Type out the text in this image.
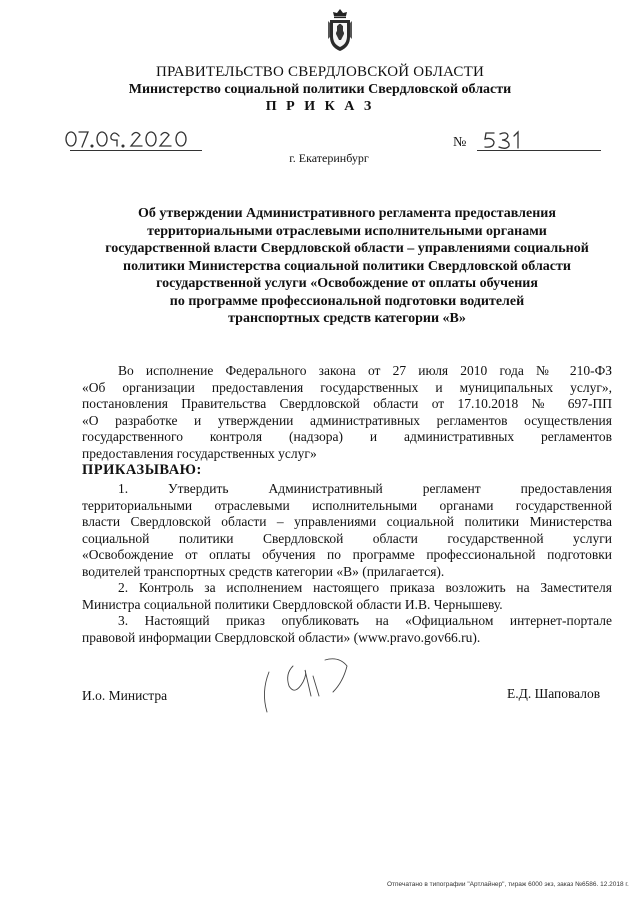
ПРАВИТЕЛЬСТВО СВЕРДЛОВСКОЙ ОБЛАСТИ
Министерство социальной политики Свердловской области
П Р И К А З
№
г. Екатеринбург
Об утверждении Административного регламента предоставления
территориальными отраслевыми исполнительными органами
государственной власти Свердловской области – управлениями социальной
политики Министерства социальной политики Свердловской области
государственной услуги «Освобождение от оплаты обучения
по программе профессиональной подготовки водителей
транспортных средств категории «В»
Во исполнение Федерального закона от 27 июля 2010 года № 210-ФЗ
«Об организации предоставления государственных и муниципальных услуг»,
постановления Правительства Свердловской области от 17.10.2018 № 697-ПП
«О разработке и утверждении административных регламентов осуществления
государственного контроля (надзора) и административных регламентов
предоставления государственных услуг»
ПРИКАЗЫВАЮ:
1. Утвердить Административный регламент предоставления
территориальными отраслевыми исполнительными органами государственной
власти Свердловской области – управлениями социальной политики Министерства
социальной политики Свердловской области государственной услуги
«Освобождение от оплаты обучения по программе профессиональной подготовки
водителей транспортных средств категории «В» (прилагается).
2. Контроль за исполнением настоящего приказа возложить на Заместителя
Министра социальной политики Свердловской области И.В. Чернышеву.
3. Настоящий приказ опубликовать на «Официальном интернет-портале
правовой информации Свердловской области» (www.pravo.gov66.ru).
И.о. Министра	Е.Д. Шаповалов
Отпечатано в типографии "Артлайнер", тираж 6000 экз, заказ №6586. 12.2018 г.
